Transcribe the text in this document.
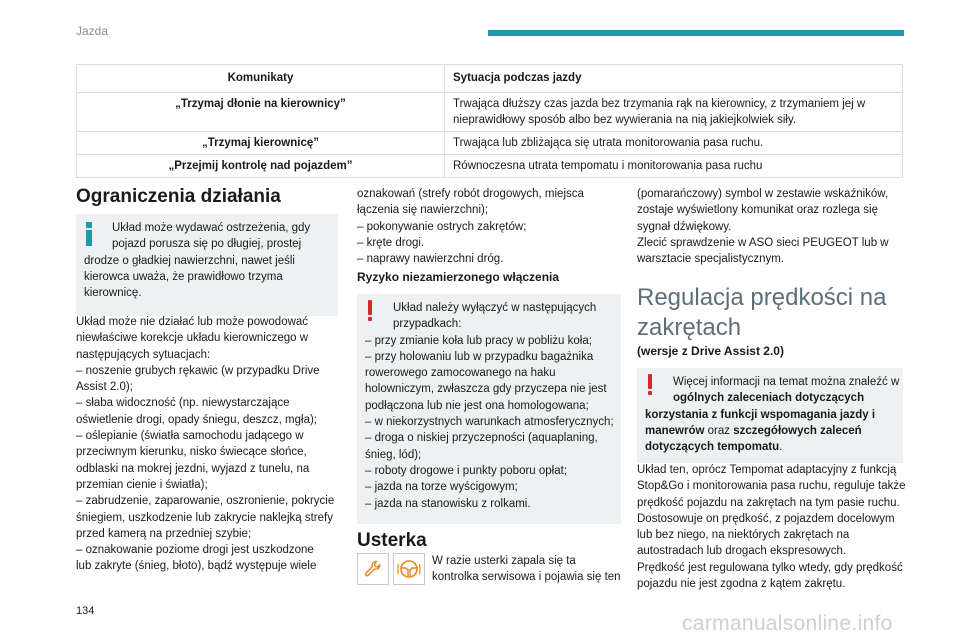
Jazda
Komunikaty	Sytuacja podczas jazdy
„Trzymaj dłonie na kierownicy”	Trwająca dłuższy czas jazda bez trzymania rąk na kierownicy, z trzymaniem jej w
nieprawidłowy sposób albo bez wywierania na nią jakiejkolwiek siły.

„Trzymaj kierownicę”	Trwająca lub zbliżająca się utrata monitorowania pasa ruchu.

„Przejmij kontrolę nad pojazdem”	Równoczesna utrata tempomatu i monitorowania pasa ruchu
Ograniczenia działania
Układ może wydawać ostrzeżenia, gdy
pojazd porusza się po długiej, prostej
drodze o gładkiej nawierzchni, nawet jeśli
kierowca uważa, że prawidłowo trzyma
kierownicę.
Układ może nie działać lub może powodować
niewłaściwe korekcje układu kierowniczego w
następujących sytuacjach:
– noszenie grubych rękawic (w przypadku Drive
Assist 2.0);
– słaba widoczność (np. niewystarczające
oświetlenie drogi, opady śniegu, deszcz, mgła);
– oślepianie (światła samochodu jadącego w
przeciwnym kierunku, nisko świecące słońce,
odblaski na mokrej jezdni, wyjazd z tunelu, na
przemian cienie i światła);
– zabrudzenie, zaparowanie, oszronienie, pokrycie
śniegiem, uszkodzenie lub zakrycie naklejką strefy
przed kamerą na przedniej szybie;
– oznakowanie poziome drogi jest uszkodzone
lub zakryte (śnieg, błoto), bądź występuje wiele
oznakowań (strefy robót drogowych, miejsca
łączenia się nawierzchni);
– pokonywanie ostrych zakrętów;
– kręte drogi.
– naprawy nawierzchni dróg.
Ryzyko niezamierzonego włączenia
Układ należy wyłączyć w następujących
przypadkach:
– przy zmianie koła lub pracy w pobliżu koła;
– przy holowaniu lub w przypadku bagażnika
rowerowego zamocowanego na haku
holowniczym, zwłaszcza gdy przyczepa nie jest
podłączona lub nie jest ona homologowana;
– w niekorzystnych warunkach atmosferycznych;
– droga o niskiej przyczepności (aquaplaning,
śnieg, lód);
– roboty drogowe i punkty poboru opłat;
– jazda na torze wyścigowym;
– jazda na stanowisku z rolkami.
Usterka
W razie usterki zapala się ta
kontrolka serwisowa i pojawia się ten
(pomarańczowy) symbol w zestawie wskaźników,
zostaje wyświetlony komunikat oraz rozlega się
sygnał dźwiękowy.
Zlecić sprawdzenie w ASO sieci PEUGEOT lub w
warsztacie specjalistycznym.
Regulacja prędkości na
zakrętach
(wersje z Drive Assist 2.0)
Więcej informacji na temat można znaleźć w
ogólnych zaleceniach dotyczących
korzystania z funkcji wspomagania jazdy i
manewrów oraz szczegółowych zaleceń
dotyczących tempomatu.
Układ ten, oprócz Tempomat adaptacyjny z funkcją
Stop&Go i monitorowania pasa ruchu, reguluje także
prędkość pojazdu na zakrętach na tym pasie ruchu.
Dostosowuje on prędkość, z pojazdem docelowym
lub bez niego, na niektórych zakrętach na
autostradach lub drogach ekspresowych.
Prędkość jest regulowana tylko wtedy, gdy prędkość
pojazdu nie jest zgodna z kątem zakrętu.
134
carmanualsonline.info
